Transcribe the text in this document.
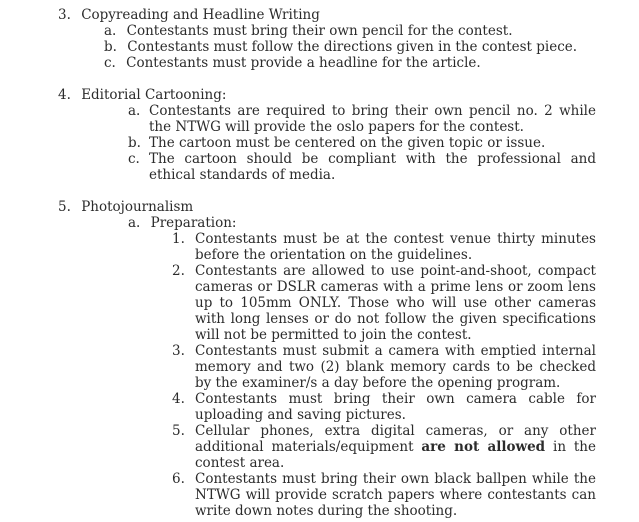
3. Copyreading and Headline Writing
a. Contestants must bring their own pencil for the contest.
b. Contestants must follow the directions given in the contest piece.
c. Contestants must provide a headline for the article.
4. Editorial Cartooning:
a. Contestants are required to bring their own pencil no. 2 while the NTWG will provide the oslo papers for the contest.
b. The cartoon must be centered on the given topic or issue.
c. The cartoon should be compliant with the professional and ethical standards of media.
5. Photojournalism
a. Preparation:
1. Contestants must be at the contest venue thirty minutes before the orientation on the guidelines.
2. Contestants are allowed to use point-and-shoot, compact cameras or DSLR cameras with a prime lens or zoom lens up to 105mm ONLY. Those who will use other cameras with long lenses or do not follow the given specifications will not be permitted to join the contest.
3. Contestants must submit a camera with emptied internal memory and two (2) blank memory cards to be checked by the examiner/s a day before the opening program.
4. Contestants must bring their own camera cable for uploading and saving pictures.
5. Cellular phones, extra digital cameras, or any other additional materials/equipment are not allowed in the contest area.
6. Contestants must bring their own black ballpen while the NTWG will provide scratch papers where contestants can write down notes during the shooting.
